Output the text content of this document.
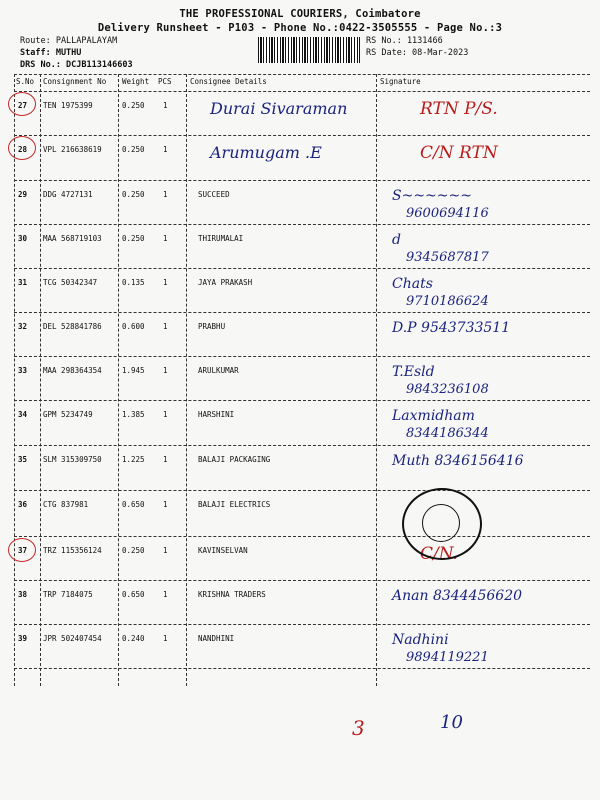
THE PROFESSIONAL COURIERS, Coimbatore
Delivery Runsheet - P103 - Phone No.:0422-3505555 - Page No.:3
Route: PALLAPALAYAM
Staff: MUTHU
DRS No.: DCJB113146603
RS No.: 1131466
RS Date: 08-Mar-2023
S.No Consignment No Weight PCS Consignee Details	Signature
27 TEN 1975399	0.250 1	Durai Sivaraman	RTN P/S.
28 VPL 216638619	0.250 1	Arumugam .E	C/N RTN
29 DDG 4727131	0.250 1	SUCCEED	S~~~~~~
9600694116
30 MAA 568719103	0.250 1	THIRUMALAI	d
9345687817
31 TCG 50342347	0.135 1	JAYA PRAKASH	Chats
9710186624
32 DEL 528841786	0.600 1	PRABHU	D.P 9543733511
33 MAA 298364354	1.945 1	ARULKUMAR	T.Esld
9843236108
34 GPM 5234749	1.385 1	HARSHINI	Laxmidham
8344186344
35 SLM 315309750	1.225 1	BALAJI PACKAGING	Muth 8346156416
36 CTG 837981	0.650 1	BALAJI ELECTRICS
37 TRZ 115356124	0.250 1	KAVINSELVAN	C/N.
38 TRP 7184075	0.650 1	KRISHNA TRADERS	Anan 8344456620
39 JPR 502407454	0.240 1	NANDHINI	Nadhini
9894119221
3	10
